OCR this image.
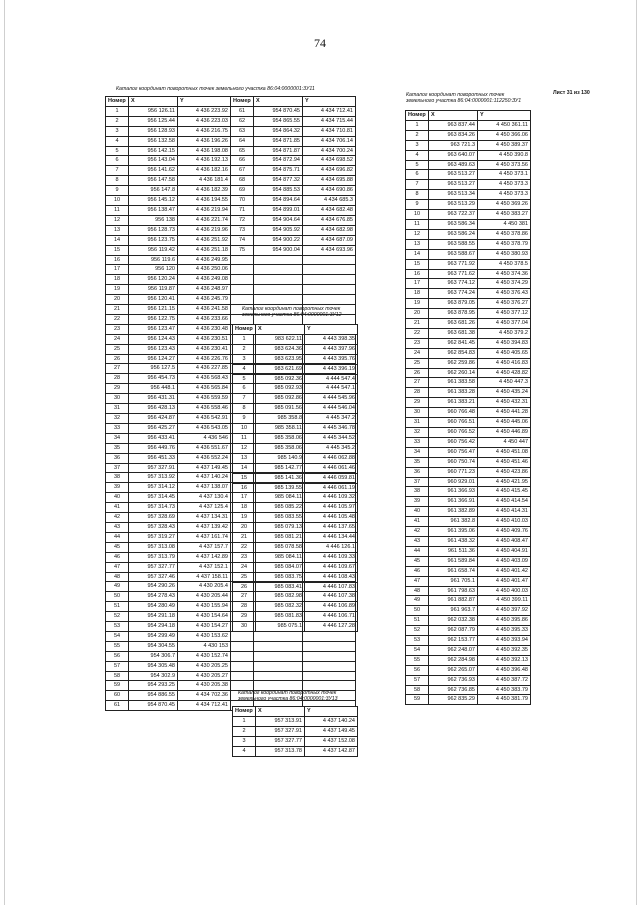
74
Каталог координат поворотных точек земельного участка 86:04:0000001:3У11
Номер	X	Y	Номер	X	Y
1	956 126.11	4 436 223.92	61	954 870.45	4 434 712.41
2	956 125.44	4 436 223.03	62	954 865.55	4 434 715.44
3	956 128.93	4 436 216.75	63	954 864.32	4 434 710.81
4	956 132.58	4 436 196.26	64	954 871.85	4 434 706.14
5	956 142.15	4 436 198.08	65	954 871.87	4 434 700.24
6	956 143.04	4 436 192.13	66	954 872.94	4 434 698.52
7	956 141.62	4 436 182.16	67	954 875.71	4 434 696.82
8	956 147.58	4 436 181.4	68	954 877.32	4 434 695.88
9	956 147.8	4 436 182.39	69	954 885.53	4 434 690.86
10	956 145.12	4 436 194.55	70	954 894.64	4 434 685.3
11	956 138.47	4 436 219.94	71	954 899.01	4 434 682.48
12	956 138	4 436 221.74	72	954 904.64	4 434 676.85
13	956 128.73	4 436 219.96	73	954 905.92	4 434 682.98
14	956 123.75	4 436 251.92	74	954 900.22	4 434 687.09
15	956 119.42	4 436 251.18	75	954 900.04	4 434 693.96
16	956 119.6	4 436 249.95			
17	956 120	4 436 250.06			
18	956 120.24	4 436 249.08			
19	956 119.87	4 436 248.97			
20	956 120.41	4 436 245.79			
21	956 121.15	4 436 241.58			
22	956 122.75	4 436 233.66			
23	956 123.47	4 436 230.48			
24	956 124.43	4 436 230.51			
25	956 123.43	4 436 230.41			
26	956 124.27	4 436 226.76			
27	956 127.5	4 436 227.85			
28	956 454.73	4 436 568.43			
29	956 448.1	4 436 565.84			
30	956 431.31	4 436 559.59			
31	956 428.13	4 436 558.46			
32	956 424.87	4 436 542.91			
33	956 425.27	4 436 543.05			
34	956 433.41	4 436 546			
35	956 449.76	4 436 551.67			
36	956 451.33	4 436 552.24			
37	957 327.91	4 437 149.45			
38	957 313.92	4 437 140.24			
39	957 314.12	4 437 138.07			
40	957 314.45	4 437 130.4			
41	957 314.73	4 437 125.4			
42	957 328.69	4 437 134.31			
43	957 328.43	4 437 139.42			
44	957 319.27	4 437 161.74			
45	957 313.08	4 437 157.7			
46	957 313.79	4 437 142.89			
47	957 327.77	4 437 152.1			
48	957 327.46	4 437 158.11			
49	954 290.26	4 430 205.4			
50	954 278.43	4 430 205.44			
51	954 280.49	4 430 155.94			
52	954 291.18	4 430 154.64			
53	954 294.18	4 430 154.27			
54	954 299.49	4 430 153.62			
55	954 304.55	4 430 153			
56	954 306.7	4 430 152.74			
57	954 305.48	4 430 205.25			
58	954 302.9	4 430 205.27			
59	954 293.25	4 430 205.38			
60	954 886.55	4 434 702.36			
61	954 870.45	4 434 712.41			
Каталог координат поворотных точек
земельного участка 86:04:0000001:3У12
Номер	X	Y
1	983 622.11	4 443 398.35
2	983 624.36	4 443 397.96
3	983 623.95	4 443 395.76
4	983 621.69	4 443 396.19
5	985 092.36	4 444 547.4
6	985 092.93	4 444 547.1
7	985 092.86	4 444 545.96
8	985 091.56	4 444 546.04
9	985 358.8	4 445 347.2
10	985 358.11	4 445 346.78
11	985 358.06	4 445 344.52
12	985 358.06	4 445 345.2
13	985 140.9	4 446 062.88
14	985 142.77	4 446 061.46
15	985 141.36	4 446 059.81
16	985 139.55	4 446 061.19
17	985 084.11	4 446 109.32
18	985 085.22	4 446 105.97
19	985 083.55	4 446 105.48
20	985 079.13	4 446 137.65
21	985 081.21	4 446 134.44
22	985 078.58	4 446 126.1
23	985 084.11	4 446 109.33
24	985 084.07	4 446 109.67
25	985 083.75	4 446 108.43
26	985 083.41	4 446 107.83
27	985 082.98	4 446 107.38
28	985 082.32	4 446 106.89
29	985 081.83	4 446 106.71
30	985 075.1	4 446 127.28
Каталог координат поворотных точек
земельного участка 86:04:0000001:3У13
Номер	X	Y
1	957 313.91	4 437 140.24
2	957 327.91	4 437 149.45
3	957 327.77	4 437 152.08
4	957 313.78	4 437 142.87
Каталог координат поворотных точек
земельного участка 86:04:0000001:112250:ЗУ1
Лист 31 из 130
Номер	X	Y
1	963 837.44	4 450 361.11
2	963 834.26	4 450 366.06
3	963 721.3	4 450 389.37
4	963 640.07	4 450 390.8
5	963 489.63	4 450 373.56
6	963 513.27	4 450 373.1
7	963 513.27	4 450 373.3
8	963 513.34	4 450 373.3
9	963 513.29	4 450 369.26
10	963 722.37	4 450 383.27
11	963 586.34	4 450 381
12	963 586.24	4 450 378.86
13	963 588.55	4 450 378.79
14	963 588.67	4 450 380.93
15	963 771.92	4 450 378.5
16	963 771.62	4 450 374.36
17	963 774.12	4 450 374.29
18	963 774.24	4 450 376.43
19	963 879.05	4 450 376.27
20	963 878.95	4 450 377.12
21	963 681.26	4 450 377.04
22	963 681.38	4 450 379.2
23	962 841.45	4 450 394.83
24	962 854.83	4 450 405.65
25	962 259.86	4 450 416.83
26	962 260.14	4 450 428.82
27	961 383.58	4 450 447.3
28	961 383.28	4 450 435.24
29	961 383.21	4 450 432.31
30	960 766.48	4 450 441.28
31	960 766.51	4 450 445.06
32	960 766.52	4 450 446.89
33	960 756.42	4 450 447
34	960 756.47	4 450 451.08
35	960 750.74	4 450 451.46
36	960 771.23	4 450 423.86
37	960 929.01	4 450 421.95
38	961 366.93	4 450 415.45
39	961 366.91	4 450 414.54
40	961 382.89	4 450 414.31
41	961 382.8	4 450 410.03
42	961 395.06	4 450 409.76
43	961 438.32	4 450 408.47
44	961 511.36	4 450 404.91
45	961 589.84	4 450 403.09
46	961 658.74	4 450 401.42
47	961 705.1	4 450 401.47
48	961 798.63	4 450 400.03
49	961 882.87	4 450 399.11
50	961 963.7	4 450 397.92
51	962 032.38	4 450 395.86
52	962 087.79	4 450 395.33
53	962 153.77	4 450 393.94
54	962 248.07	4 450 392.35
55	962 284.98	4 450 392.13
56	962 265.07	4 450 396.48
57	962 736.93	4 450 387.72
58	962 736.85	4 450 383.79
59	962 835.29	4 450 381.79
